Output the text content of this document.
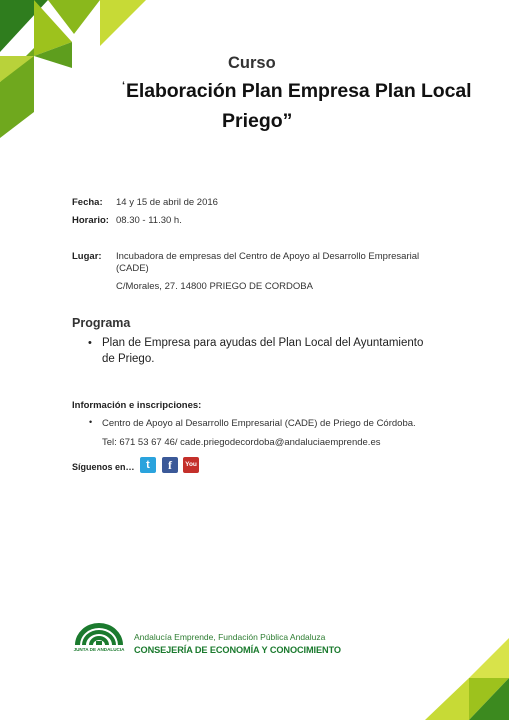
Curso
‘Elaboración Plan Empresa Plan Local
Priego”
Fecha: 14 y 15 de abril de 2016
Horario: 08.30 - 11.30 h.
Lugar: Incubadora de empresas del Centro de Apoyo al Desarrollo Empresarial
(CADE)
C/Morales, 27. 14800 PRIEGO DE CORDOBA
Programa
• Plan de Empresa para ayudas del Plan Local del Ayuntamiento de Priego.
Información e inscripciones:
• Centro de Apoyo al Desarrollo Empresarial (CADE) de Priego de Córdoba.
Tel: 671 53 67 46/ cade.priegodecordoba@andaluciaemprende.es
Síguenos en…	t	f	You
JUNTA DE ANDALUCIA
Andalucía Emprende, Fundación Pública Andaluza
CONSEJERÍA DE ECONOMÍA Y CONOCIMIENTO
